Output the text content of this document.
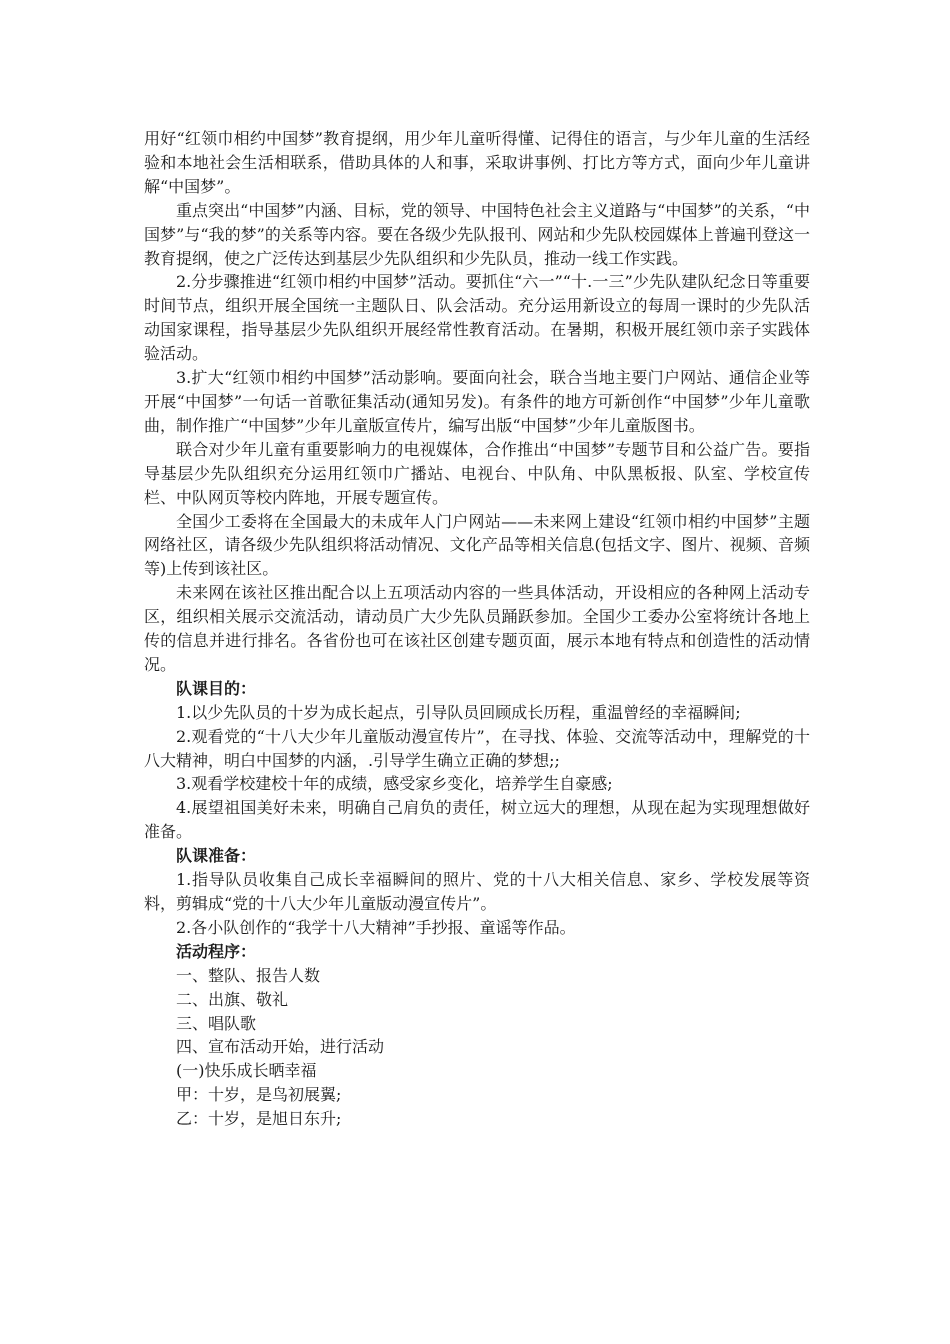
用好“红领巾相约中国梦”教育提纲，用少年儿童听得懂、记得住的语言，与少年儿童的生活经验和本地社会生活相联系，借助具体的人和事，采取讲事例、打比方等方式，面向少年儿童讲解“中国梦”。

重点突出“中国梦”内涵、目标，党的领导、中国特色社会主义道路与“中国梦”的关系，“中国梦”与“我的梦”的关系等内容。要在各级少先队报刊、网站和少先队校园媒体上普遍刊登这一教育提纲，使之广泛传达到基层少先队组织和少先队员，推动一线工作实践。

2.分步骤推进“红领巾相约中国梦”活动。要抓住“六一”“十.一三”少先队建队纪念日等重要时间节点，组织开展全国统一主题队日、队会活动。充分运用新设立的每周一课时的少先队活动国家课程，指导基层少先队组织开展经常性教育活动。在暑期，积极开展红领巾亲子实践体验活动。

3.扩大“红领巾相约中国梦”活动影响。要面向社会，联合当地主要门户网站、通信企业等开展“中国梦”一句话一首歌征集活动(通知另发)。有条件的地方可新创作“中国梦”少年儿童歌曲，制作推广“中国梦”少年儿童版宣传片，编写出版“中国梦”少年儿童版图书。

联合对少年儿童有重要影响力的电视媒体，合作推出“中国梦”专题节目和公益广告。要指导基层少先队组织充分运用红领巾广播站、电视台、中队角、中队黑板报、队室、学校宣传栏、中队网页等校内阵地，开展专题宣传。

全国少工委将在全国最大的未成年人门户网站——未来网上建设“红领巾相约中国梦”主题网络社区，请各级少先队组织将活动情况、文化产品等相关信息(包括文字、图片、视频、音频等)上传到该社区。

未来网在该社区推出配合以上五项活动内容的一些具体活动，开设相应的各种网上活动专区，组织相关展示交流活动，请动员广大少先队员踊跃参加。全国少工委办公室将统计各地上传的信息并进行排名。各省份也可在该社区创建专题页面，展示本地有特点和创造性的活动情况。

队课目的：

1.以少先队员的十岁为成长起点，引导队员回顾成长历程，重温曾经的幸福瞬间;

2.观看党的“十八大少年儿童版动漫宣传片”，在寻找、体验、交流等活动中，理解党的十八大精神，明白中国梦的内涵，.引导学生确立正确的梦想;;

3.观看学校建校十年的成绩，感受家乡变化，培养学生自豪感;

4.展望祖国美好未来，明确自己肩负的责任，树立远大的理想，从现在起为实现理想做好准备。

队课准备：

1.指导队员收集自己成长幸福瞬间的照片、党的十八大相关信息、家乡、学校发展等资料，剪辑成“党的十八大少年儿童版动漫宣传片”。

2.各小队创作的“我学十八大精神”手抄报、童谣等作品。

活动程序：

一、整队、报告人数

二、出旗、敬礼

三、唱队歌

四、宣布活动开始，进行活动

(一)快乐成长晒幸福

甲：十岁，是鸟初展翼;

乙：十岁，是旭日东升;
